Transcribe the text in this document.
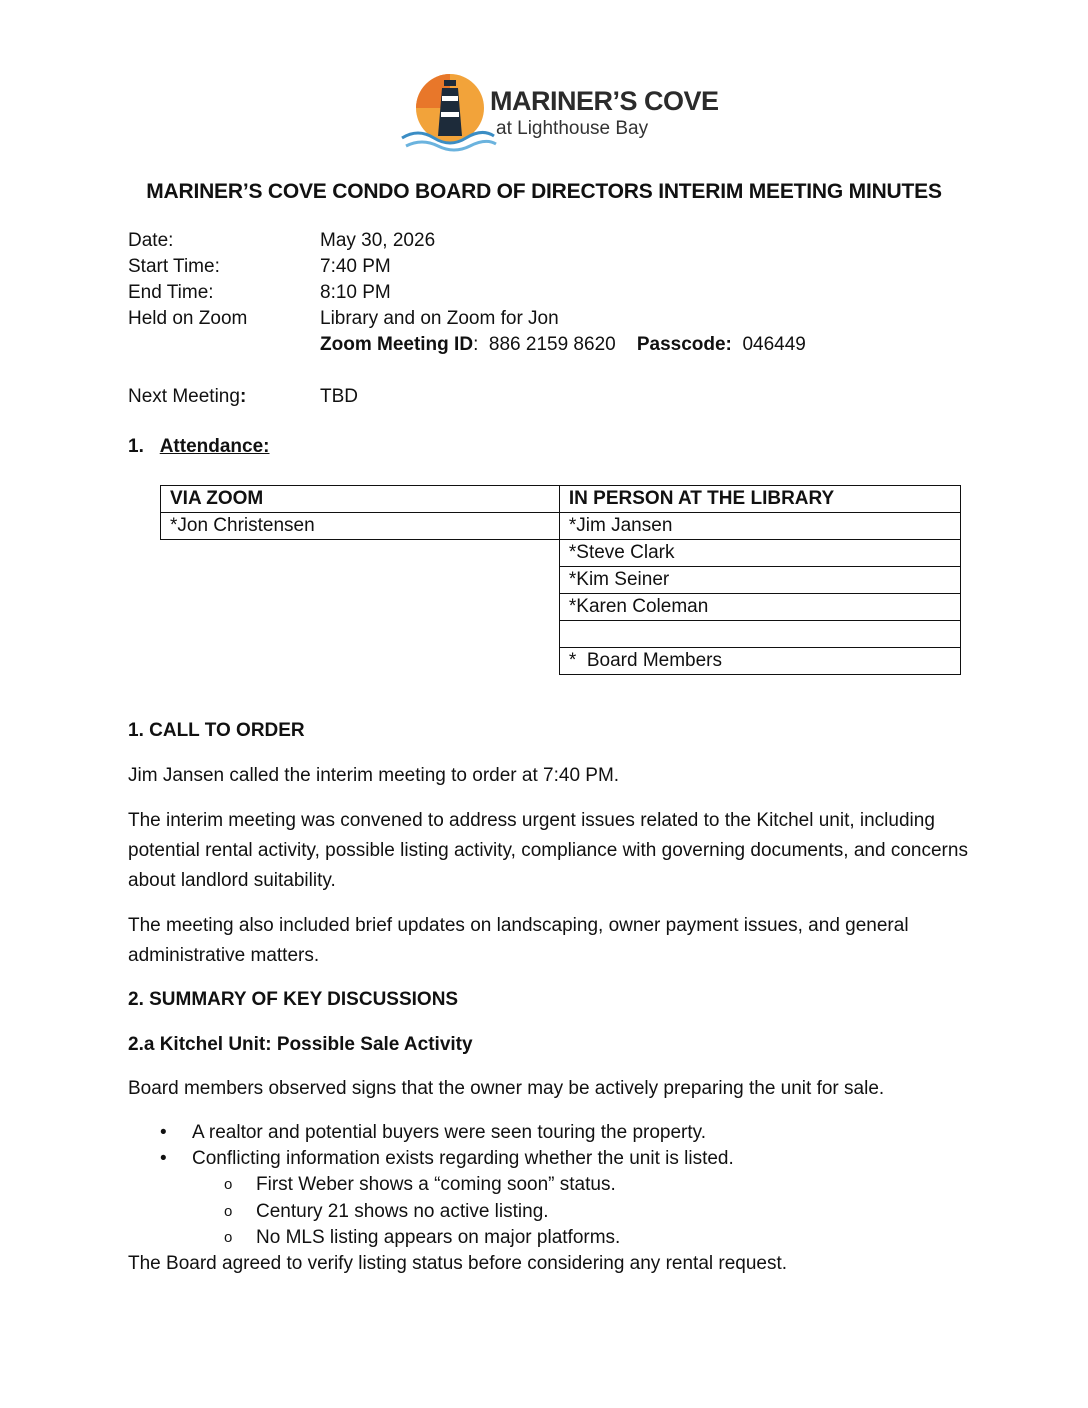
MARINER’S COVE
at Lighthouse Bay
MARINER’S COVE CONDO BOARD OF DIRECTORS INTERIM MEETING MINUTES
Date:	May 30, 2026
Start Time:	7:40 PM
End Time:	8:10 PM
Held on Zoom	Library and on Zoom for Jon
Zoom Meeting ID:  886 2159 8620 Passcode: 046449
Next Meeting:	TBD
1. Attendance:
VIA ZOOM	IN PERSON AT THE LIBRARY
*Jon Christensen	*Jim Jansen
	*Steve Clark
	*Kim Seiner
	*Karen Coleman

	*  Board Members
1. CALL TO ORDER
Jim Jansen called the interim meeting to order at 7:40 PM.
The interim meeting was convened to address urgent issues related to the Kitchel unit, including potential rental activity, possible listing activity, compliance with governing documents, and concerns about landlord suitability.
The meeting also included brief updates on landscaping, owner payment issues, and general administrative matters.
2. SUMMARY OF KEY DISCUSSIONS
2.a Kitchel Unit: Possible Sale Activity
Board members observed signs that the owner may be actively preparing the unit for sale.
• A realtor and potential buyers were seen touring the property.
• Conflicting information exists regarding whether the unit is listed.
o First Weber shows a “coming soon” status.
o Century 21 shows no active listing.
o No MLS listing appears on major platforms.
The Board agreed to verify listing status before considering any rental request.
